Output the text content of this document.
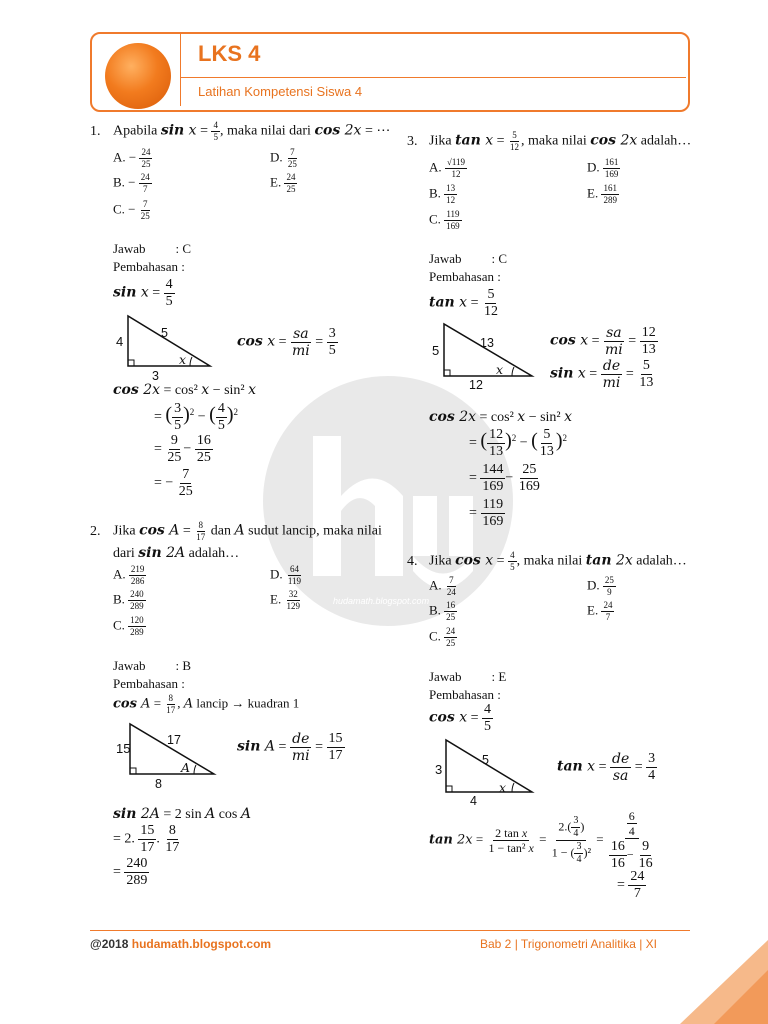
LKS 4
Latihan Kompetensi Siswa 4
hudamath.blogspot.com
1. Apabila $\sin x = \frac{4}{5}$ , maka nilai dari cos 2x = ⋯
A. − $\frac{24}{25}$
B. − $\frac{24}{7}$
C. − $\frac{7}{25}$
D. $\frac{7}{25}$
E. $\frac{24}{25}$
Jawab : C
Pembahasan :
$\sin x = \frac{4}{5}$
4
3
5
x
$\cos x = \frac{sa}{mi} = \frac{3}{5}$
cos 2x = cos² x − sin² x
= ( $\frac{3}{5} )^2$ − ( $\frac{4}{5} )^2$
= $\frac{9}{25} - \frac{16}{25}$
= − $\frac{7}{25}$
2. Jika $\cos A = \frac{8}{17}$ dan A sudut lancip, maka nilai
dari sin 2A adalah…
A. $\frac{219}{286}$
B. $\frac{240}{289}$
C. $\frac{120}{289}$
D. $\frac{64}{119}$
E. $\frac{32}{129}$
Jawab : B
Pembahasan :
$\cos A = \frac{8}{17}$ , A lancip → kuadran 1
15
8
17
A
$\sin A = \frac{de}{mi} = \frac{15}{17}$
sin 2A = 2 sin A cos A
= 2. $\frac{15}{17}$ . $\frac{8}{17}$
= $\frac{240}{289}$
3. Jika $\tan x = \frac{5}{12}$ , maka nilai cos 2x adalah…
A. $\frac{√119}{12}$
B. $\frac{13}{12}$
C. $\frac{119}{169}$
D. $\frac{161}{169}$
E. $\frac{161}{289}$
Jawab : C
Pembahasan :
$\tan x = \frac{5}{12}$
5
12
13
x
$\cos x = \frac{sa}{mi} = \frac{12}{13}$
$\sin x = \frac{de}{mi} = \frac{5}{13}$
cos 2x = cos² x − sin² x
= ( $\frac{12}{13} )^2$ − ( $\frac{5}{13} )^2$
= $\frac{144}{169} - \frac{25}{169}$
= $\frac{119}{169}$
4. Jika $\cos x = \frac{4}{5}$ , maka nilai tan 2x adalah…
A. $\frac{7}{24}$
B. $\frac{16}{25}$
C. $\frac{24}{25}$
D. $\frac{25}{9}$
E. $\frac{24}{7}$
Jawab : E
Pembahasan :
$\cos x = \frac{4}{5}$
3
4
5
x
$\tan x = \frac{de}{sa} = \frac{3}{4}$
$\tan 2x = \frac{\text{2 tan x}}{\text{1 − tan² x}} = \frac{2.( \frac{3}{4} )}{1 - ( \frac{3}{4} )^2} = \frac{\frac{6}{4}}{\frac{16}{16} - \frac{9}{16}}$
= $\frac{24}{7}$
@2018 hudamath.blogspot.com	Bab 2 | Trigonometri Analitika | XI
